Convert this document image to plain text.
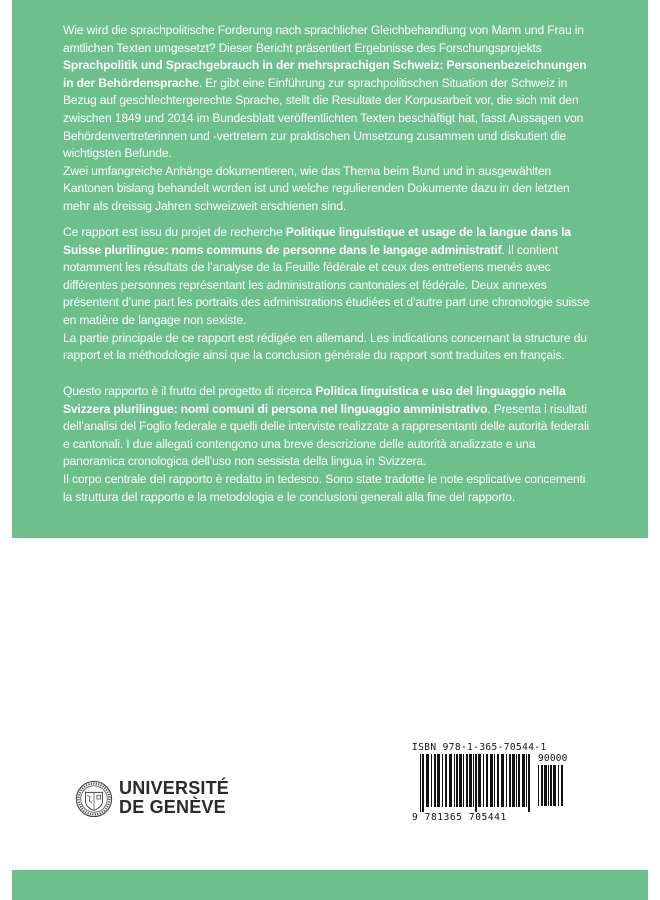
Wie wird die sprachpolitische Forderung nach sprachlicher Gleichbehandlung von Mann und Frau in amtlichen Texten umgesetzt? Dieser Bericht präsentiert Ergebnisse des Forschungsprojekts Sprachpolitik und Sprachgebrauch in der mehrsprachigen Schweiz: Personenbezeichnungen in der Behördensprache. Er gibt eine Einführung zur sprachpolitischen Situation der Schweiz in Bezug auf geschlechtergerechte Sprache, stellt die Resultate der Korpusarbeit vor, die sich mit den zwischen 1849 und 2014 im Bundesblatt veröffentlichten Texten beschäftigt hat, fasst Aussagen von Behördenvertreterinnen und -vertretern zur praktischen Umsetzung zusammen und diskutiert die wichtigsten Befunde.

Zwei umfangreiche Anhänge dokumentieren, wie das Thema beim Bund und in ausgewählten Kantonen bislang behandelt worden ist und welche regulierenden Dokumente dazu in den letzten mehr als dreissig Jahren schweizweit erschienen sind.

Ce rapport est issu du projet de recherche Politique linguistique et usage de la langue dans la Suisse plurilingue: noms communs de personne dans le langage administratif. Il contient notamment les résultats de l’analyse de la Feuille fédérale et ceux des entretiens menés avec différentes personnes représentant les administrations cantonales et fédérale. Deux annexes présentent d’une part les portraits des administrations étudiées et d’autre part une chronologie suisse en matière de langage non sexiste.

La partie principale de ce rapport est rédigée en allemand. Les indications concernant la structure du rapport et la méthodologie ainsi que la conclusion générale du rapport sont traduites en français.

Questo rapporto è il frutto del progetto di ricerca Politica linguistica e uso del linguaggio nella Svizzera plurilingue: nomi comuni di persona nel linguaggio amministrativo. Presenta i risultati dell’analisi del Foglio federale e quelli delle interviste realizzate a rappresentanti delle autorità federali e cantonali. I due allegati contengono una breve descrizione delle autorità analizzate e una panoramica cronologica dell’uso non sessista della lingua in Svizzera.

Il corpo centrale del rapporto è redatto in tedesco. Sono state tradotte le note esplicative concernenti la struttura del rapporto e la metodologia e le conclusioni generali alla fine del rapporto.

UNIVERSITÉ
DE GENÈVE
ISBN 978-1-365-70544-1
90000
9 781365 705441
